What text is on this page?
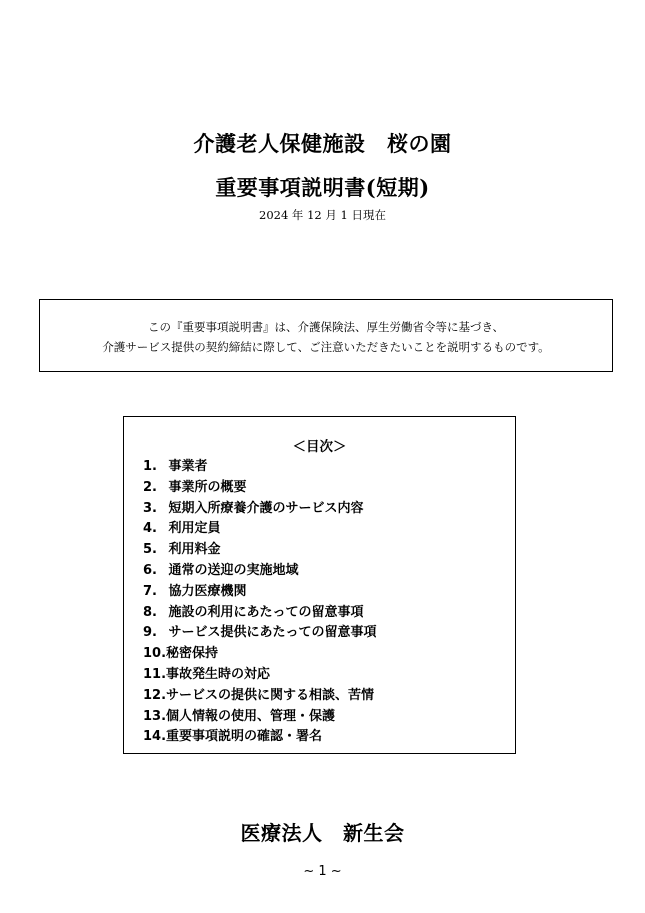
介護老人保健施設　桜の園
重要事項説明書(短期)
2024 年 12 月 1 日現在
この『重要事項説明書』は、介護保険法、厚生労働省令等に基づき、
介護サービス提供の契約締結に際して、ご注意いただきたいことを説明するものです。
＜目次＞
1. 事業者
2. 事業所の概要
3. 短期入所療養介護のサービス内容
4. 利用定員
5. 利用料金
6. 通常の送迎の実施地域
7. 協力医療機関
8. 施設の利用にあたっての留意事項
9. サービス提供にあたっての留意事項
10.秘密保持
11.事故発生時の対応
12.サービスの提供に関する相談、苦情
13.個人情報の使用、管理・保護
14.重要事項説明の確認・署名
医療法人　新生会
~ 1 ~
